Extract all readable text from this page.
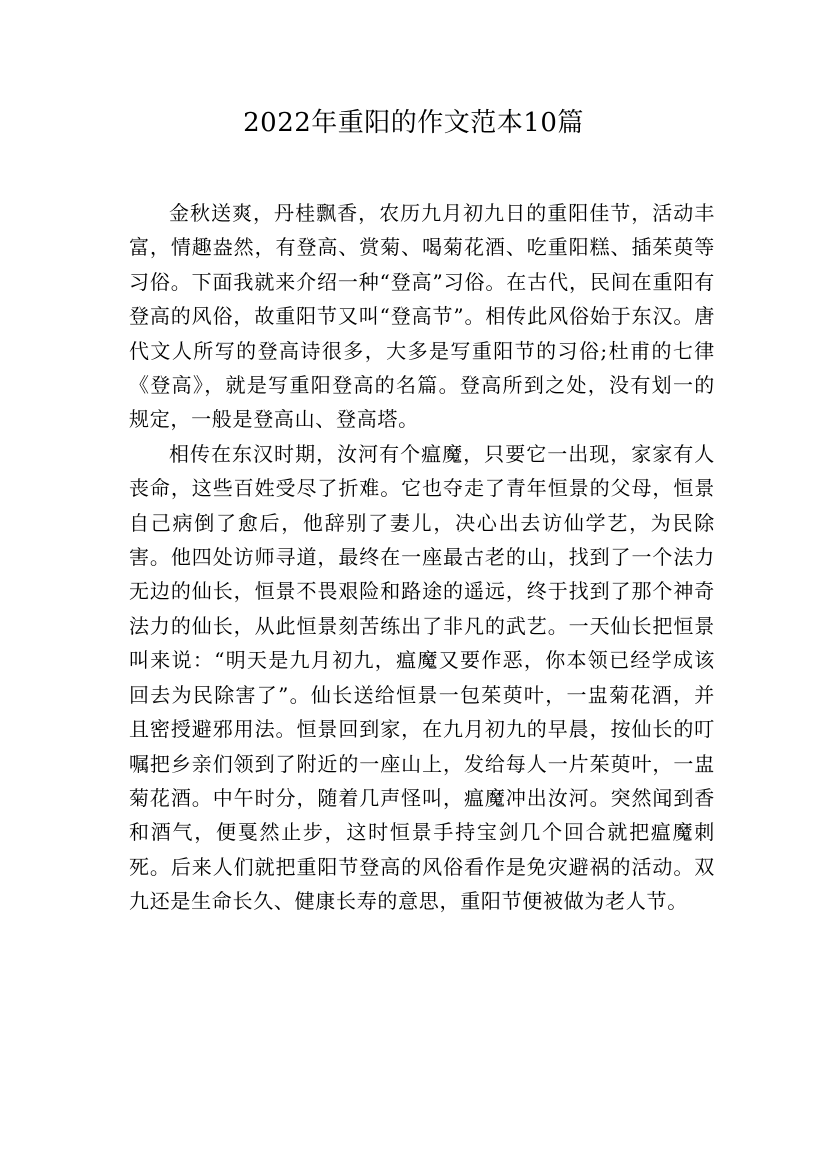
2022年重阳的作文范本10篇

金秋送爽，丹桂飘香，农历九月初九日的重阳佳节，活动丰富，情趣盎然，有登高、赏菊、喝菊花酒、吃重阳糕、插茱萸等习俗。下面我就来介绍一种“登高”习俗。在古代，民间在重阳有登高的风俗，故重阳节又叫“登高节”。相传此风俗始于东汉。唐代文人所写的登高诗很多，大多是写重阳节的习俗;杜甫的七律《登高》，就是写重阳登高的名篇。登高所到之处，没有划一的规定，一般是登高山、登高塔。

相传在东汉时期，汝河有个瘟魔，只要它一出现，家家有人丧命，这些百姓受尽了折难。它也夺走了青年恒景的父母，恒景自己病倒了愈后，他辞别了妻儿，决心出去访仙学艺，为民除害。他四处访师寻道，最终在一座最古老的山，找到了一个法力无边的仙长，恒景不畏艰险和路途的遥远，终于找到了那个神奇法力的仙长，从此恒景刻苦练出了非凡的武艺。一天仙长把恒景叫来说：“明天是九月初九，瘟魔又要作恶，你本领已经学成该回去为民除害了”。仙长送给恒景一包茱萸叶，一盅菊花酒，并且密授避邪用法。恒景回到家，在九月初九的早晨，按仙长的叮嘱把乡亲们领到了附近的一座山上，发给每人一片茱萸叶，一盅菊花酒。中午时分，随着几声怪叫，瘟魔冲出汝河。突然闻到香和酒气，便戛然止步，这时恒景手持宝剑几个回合就把瘟魔刺死。后来人们就把重阳节登高的风俗看作是免灾避祸的活动。双九还是生命长久、健康长寿的意思，重阳节便被做为老人节。
